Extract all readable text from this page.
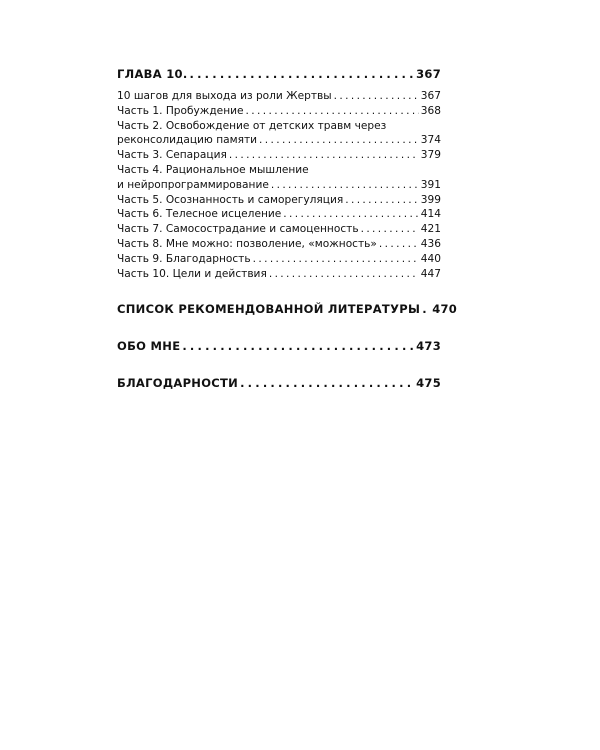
ГЛАВА 10. . . .	367
10 шагов для выхода из роли Жертвы . . .	367
Часть 1. Пробуждение . . .	368
Часть 2. Освобождение от детских травм через
реконсолидацию памяти . . .	374
Часть 3. Сепарация . . .	379
Часть 4. Рациональное мышление
и нейропрограммирование . . .	391
Часть 5. Осознанность и саморегуляция . . .	399
Часть 6. Телесное исцеление . . .	414
Часть 7. Самосострадание и самоценность . . .	421
Часть 8. Мне можно: позволение, «можность» . . .	436
Часть 9. Благодарность . . .	440
Часть 10. Цели и действия . . .	447
СПИСОК РЕКОМЕНДОВАННОЙ ЛИТЕРАТУРЫ . . . 470
ОБО МНЕ . . .	473
БЛАГОДАРНОСТИ . . .	475
